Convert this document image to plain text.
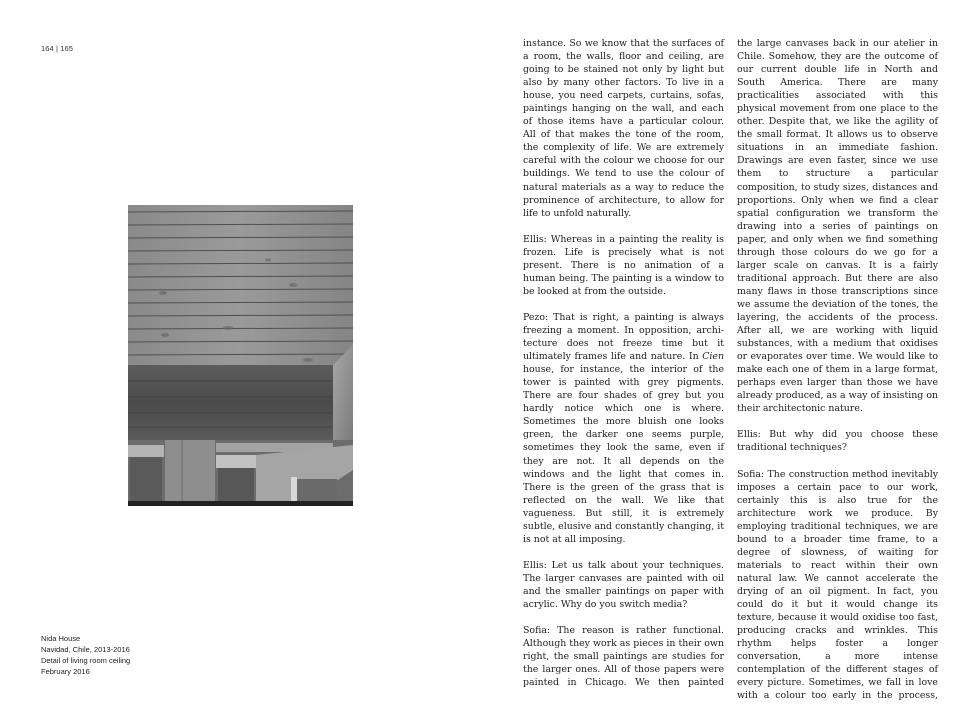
164 | 165
Nida House
Navidad, Chile, 2013-2016
Detail of living room ceiling
February 2016

instance. So we know that the surfaces of a room, the walls, floor and ceiling, are going to be stained not only by light but also by many other factors. To live in a house, you need carpets, curtains, sofas, paintings hanging on the wall, and each of those items have a particular colour. All of that makes the tone of the room, the complexity of life. We are extremely careful with the colour we choose for our buildings. We tend to use the colour of natural materials as a way to reduce the prominence of architecture, to allow for life to unfold naturally.

Ellis: Whereas in a painting the reality is frozen. Life is precisely what is not present. There is no animation of a human being. The painting is a window to be looked at from the outside.

Pezo: That is right, a painting is always freezing a moment. In opposition, architecture does not freeze time but it ultimately frames life and nature. In Cien house, for instance, the interior of the tower is painted with grey pigments. There are four shades of grey but you hardly notice which one is where. Sometimes the more bluish one looks green, the darker one seems purple, sometimes they look the same, even if they are not. It all depends on the windows and the light that comes in. There is the green of the grass that is reflected on the wall. We like that vagueness. But still, it is extremely subtle, elusive and constantly changing, it is not at all imposing.

Ellis: Let us talk about your techniques. The larger canvases are painted with oil and the smaller paintings on paper with acrylic. Why do you switch media?

Sofia: The reason is rather functional. Although they work as pieces in their own right, the small paintings are studies for the larger ones. All of those papers were painted in Chicago. We then painted

the large canvases back in our atelier in Chile. Somehow, they are the outcome of our current double life in North and South America. There are many practicalities associated with this physical movement from one place to the other. Despite that, we like the agility of the small format. It allows us to observe situations in an immediate fashion. Drawings are even faster, since we use them to structure a particular composition, to study sizes, distances and proportions. Only when we find a clear spatial configuration we transform the drawing into a series of paintings on paper, and only when we find something through those colours do we go for a larger scale on canvas. It is a fairly traditional approach. But there are also many flaws in those transcriptions since we assume the deviation of the tones, the layering, the accidents of the process. After all, we are working with liquid substances, with a medium that oxidises or evaporates over time. We would like to make each one of them in a large format, perhaps even larger than those we have already produced, as a way of insisting on their architectonic nature.

Ellis: But why did you choose these traditional techniques?

Sofia: The construction method inevitably imposes a certain pace to our work, certainly this is also true for the architecture work we produce. By employing traditional techniques, we are bound to a broader time frame, to a degree of slowness, of waiting for materials to react within their own natural law. We cannot accelerate the drying of an oil pigment. In fact, you could do it but it would change its texture, because it would oxidise too fast, producing cracks and wrinkles. This rhythm helps foster a longer conversation, a more intense contemplation of the different stages of every picture. Sometimes, we fall in love with a colour too early in the process,
